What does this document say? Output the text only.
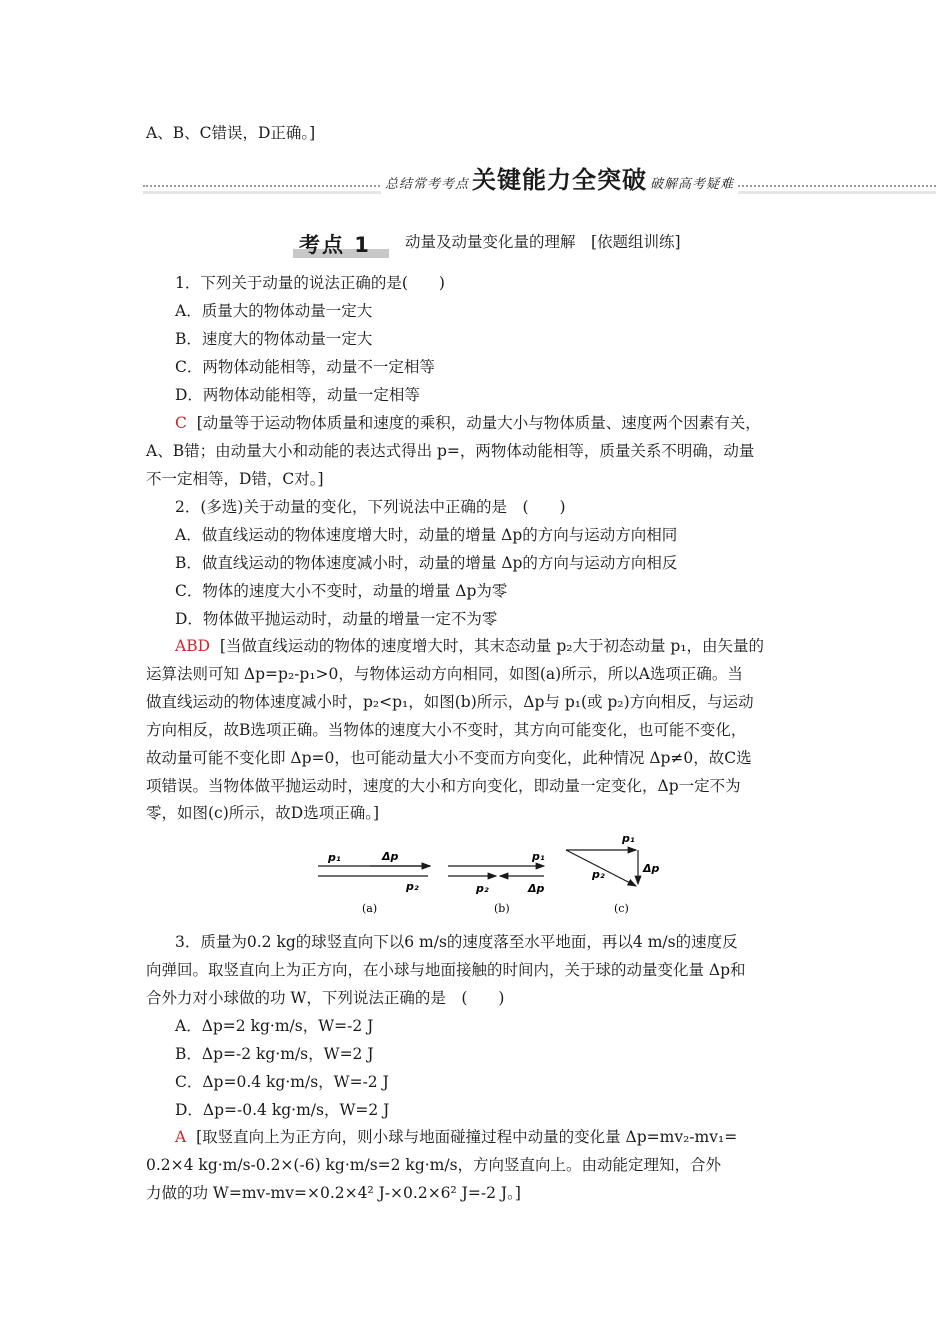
A、B、C错误，D正确。]
总结常考考点 关键能力全突破 破解高考疑难
考点 1 动量及动量变化量的理解　[依题组训练]
1．下列关于动量的说法正确的是(　　)
A．质量大的物体动量一定大
B．速度大的物体动量一定大
C．两物体动能相等，动量不一定相等
D．两物体动能相等，动量一定相等
C [动量等于运动物体质量和速度的乘积，动量大小与物体质量、速度两个因素有关，
A、B错；由动量大小和动能的表达式得出 p=，两物体动能相等，质量关系不明确，动量
不一定相等，D错，C对。]
2．(多选)关于动量的变化，下列说法中正确的是　(　　)
A．做直线运动的物体速度增大时，动量的增量 Δp的方向与运动方向相同
B．做直线运动的物体速度减小时，动量的增量 Δp的方向与运动方向相反
C．物体的速度大小不变时，动量的增量 Δp为零
D．物体做平抛运动时，动量的增量一定不为零
ABD [当做直线运动的物体的速度增大时，其末态动量 p₂大于初态动量 p₁，由矢量的
运算法则可知 Δp=p₂-p₁>0，与物体运动方向相同，如图(a)所示，所以A选项正确。当
做直线运动的物体速度减小时，p₂<p₁，如图(b)所示，Δp与 p₁(或 p₂)方向相反，与运动
方向相反，故B选项正确。当物体的速度大小不变时，其方向可能变化，也可能不变化，
故动量可能不变化即 Δp=0，也可能动量大小不变而方向变化，此种情况 Δp≠0，故C选
项错误。当物体做平抛运动时，速度的大小和方向变化，即动量一定变化，Δp一定不为
零，如图(c)所示，故D选项正确。]
p₁	Δp
p₂
(a)
p₁
p₂	Δp
(b)
p₁
p₂	Δp
(c)
3．质量为0.2 kg的球竖直向下以6 m/s的速度落至水平地面，再以4 m/s的速度反
向弹回。取竖直向上为正方向，在小球与地面接触的时间内，关于球的动量变化量 Δp和
合外力对小球做的功 W，下列说法正确的是　(　　)
A．Δp=2 kg·m/s，W=-2 J
B．Δp=-2 kg·m/s，W=2 J
C．Δp=0.4 kg·m/s，W=-2 J
D．Δp=-0.4 kg·m/s，W=2 J
A [取竖直向上为正方向，则小球与地面碰撞过程中动量的变化量 Δp=mv₂-mv₁=
0.2×4 kg·m/s-0.2×(-6) kg·m/s=2 kg·m/s，方向竖直向上。由动能定理知，合外
力做的功 W=mv-mv=×0.2×4² J-×0.2×6² J=-2 J。]
